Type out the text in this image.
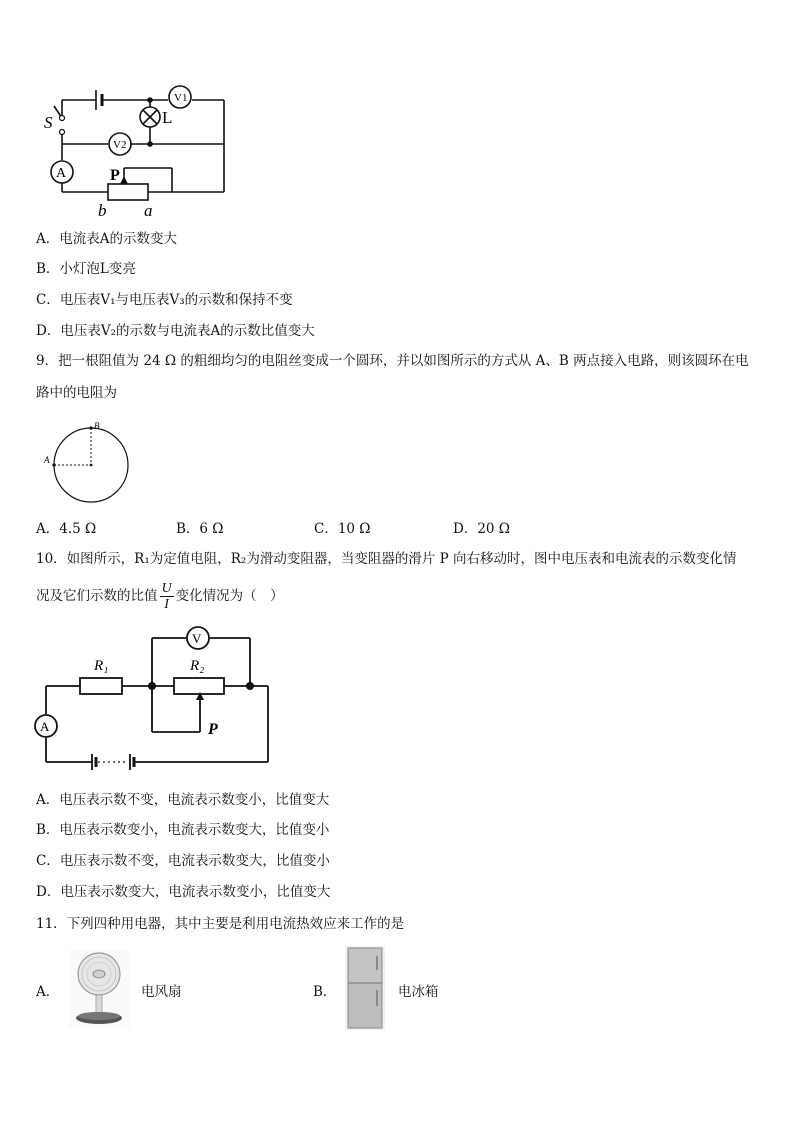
V1
L
V2
S
A	P
b a
A．电流表A的示数变大
B．小灯泡L变亮
C．电压表V₁与电压表V₃的示数和保持不变
D．电压表V₂的示数与电流表A的示数比值变大
9．把一根阻值为 24 Ω 的粗细均匀的电阻丝变成一个圆环，并以如图所示的方式从 A、B 两点接入电路，则该圆环在电路中的电阻为
B
A
A．4.5 Ω	B．6 Ω	C．10 Ω	D．20 Ω
10．如图所示，R₁为定值电阻，R₂为滑动变阻器，当变阻器的滑片 P 向右移动时，图中电压表和电流表的示数变化情
况及它们示数的比值 $\frac{U}{I}$ 变化情况为（　）
V
R₁	R₂
A	P
A．电压表示数不变，电流表示数变小，比值变大
B．电压表示数变小，电流表示数变大，比值变小
C．电压表示数不变，电流表示数变大，比值变小
D．电压表示数变大，电流表示数变小，比值变大
11．下列四种用电器，其中主要是利用电流热效应来工作的是
A．	电风扇	B．	电冰箱
